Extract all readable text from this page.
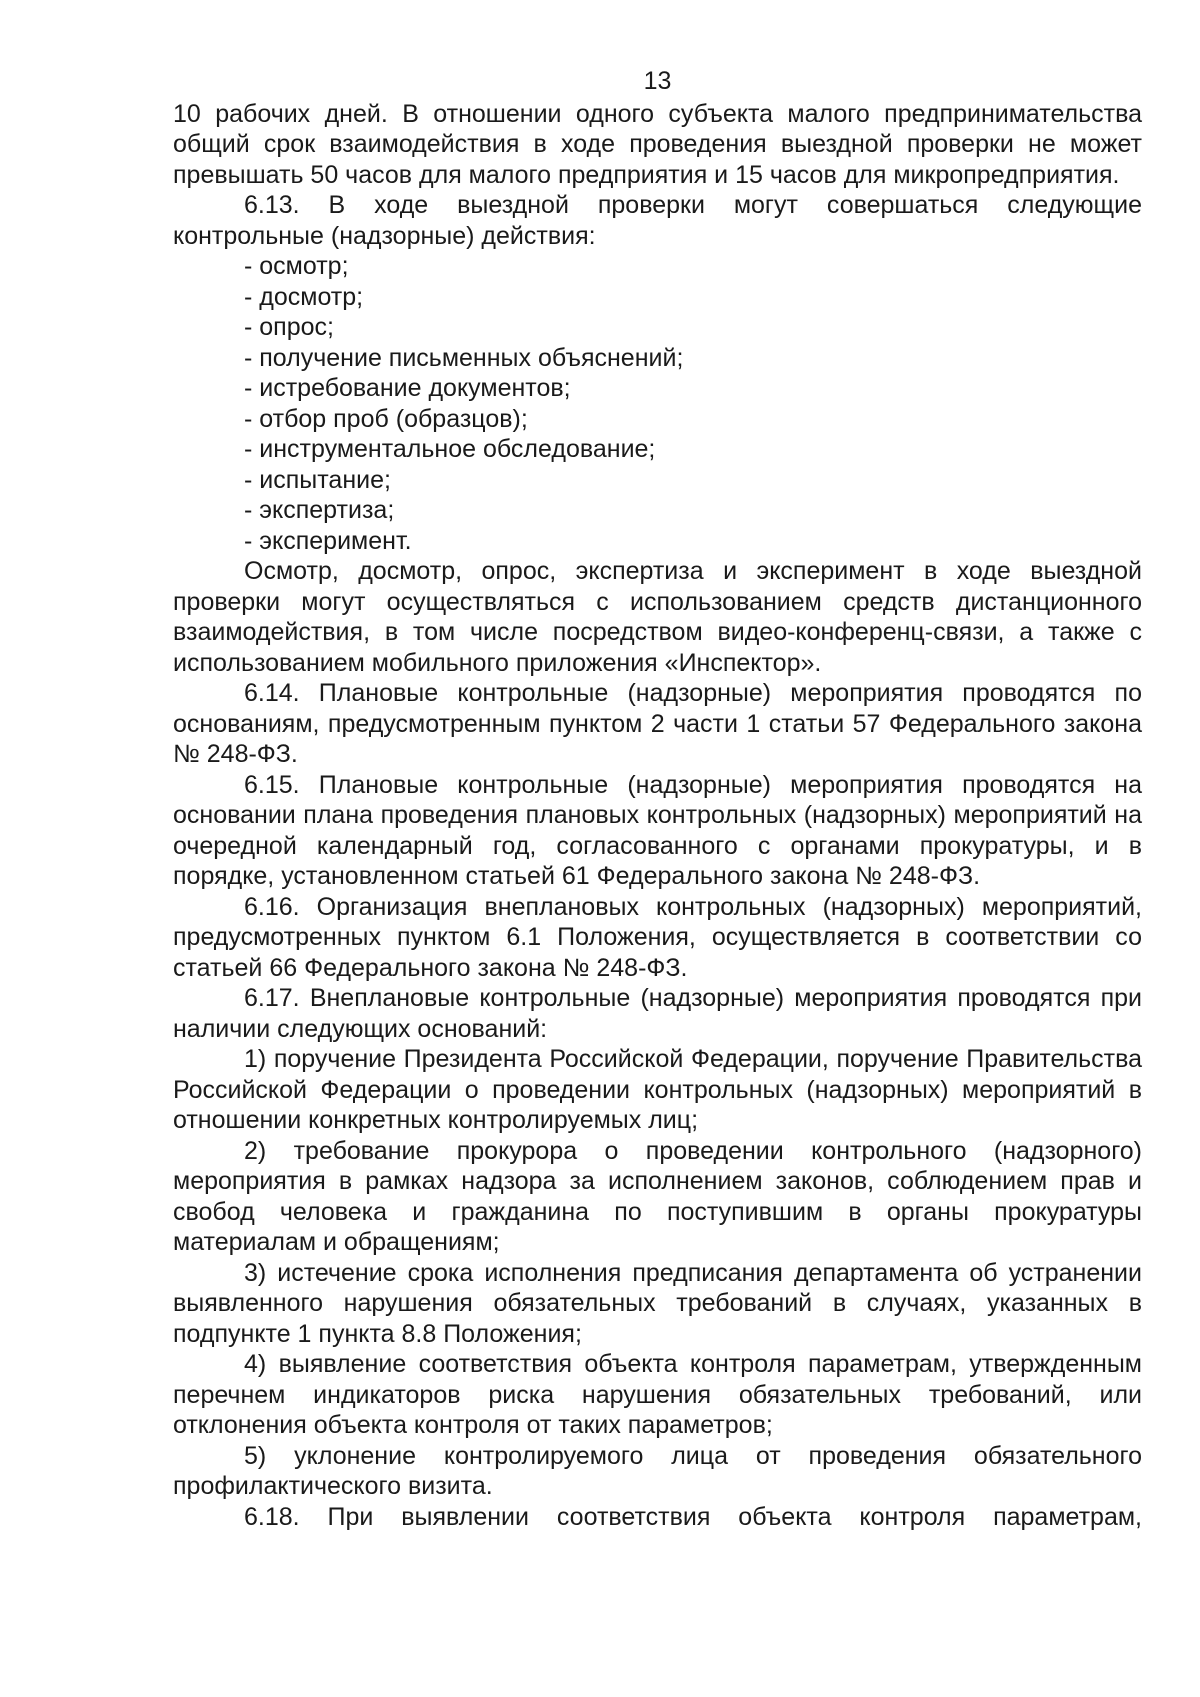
13

10 рабочих дней. В отношении одного субъекта малого предпринимательства общий срок взаимодействия в ходе проведения выездной проверки не может превышать 50 часов для малого предприятия и 15 часов для микропредприятия.

6.13. В ходе выездной проверки могут совершаться следующие контрольные (надзорные) действия:

- осмотр;
- досмотр;
- опрос;
- получение письменных объяснений;
- истребование документов;
- отбор проб (образцов);
- инструментальное обследование;
- испытание;
- экспертиза;
- эксперимент.

Осмотр, досмотр, опрос, экспертиза и эксперимент в ходе выездной проверки могут осуществляться с использованием средств дистанционного взаимодействия, в том числе посредством видео-конференц-связи, а также с использованием мобильного приложения «Инспектор».

6.14. Плановые контрольные (надзорные) мероприятия проводятся по основаниям, предусмотренным пунктом 2 части 1 статьи 57 Федерального закона № 248-ФЗ.

6.15. Плановые контрольные (надзорные) мероприятия проводятся на основании плана проведения плановых контрольных (надзорных) мероприятий на очередной календарный год, согласованного с органами прокуратуры, и в порядке, установленном статьей 61 Федерального закона № 248-ФЗ.

6.16. Организация внеплановых контрольных (надзорных) мероприятий, предусмотренных пунктом 6.1 Положения, осуществляется в соответствии со статьей 66 Федерального закона № 248-ФЗ.

6.17. Внеплановые контрольные (надзорные) мероприятия проводятся при наличии следующих оснований:

1) поручение Президента Российской Федерации, поручение Правительства Российской Федерации о проведении контрольных (надзорных) мероприятий в отношении конкретных контролируемых лиц;

2) требование прокурора о проведении контрольного (надзорного) мероприятия в рамках надзора за исполнением законов, соблюдением прав и свобод человека и гражданина по поступившим в органы прокуратуры материалам и обращениям;

3) истечение срока исполнения предписания департамента об устранении выявленного нарушения обязательных требований в случаях, указанных в подпункте 1 пункта 8.8 Положения;

4) выявление соответствия объекта контроля параметрам, утвержденным перечнем индикаторов риска нарушения обязательных требований, или отклонения объекта контроля от таких параметров;

5) уклонение контролируемого лица от проведения обязательного профилактического визита.

6.18. При выявлении соответствия объекта контроля параметрам,
